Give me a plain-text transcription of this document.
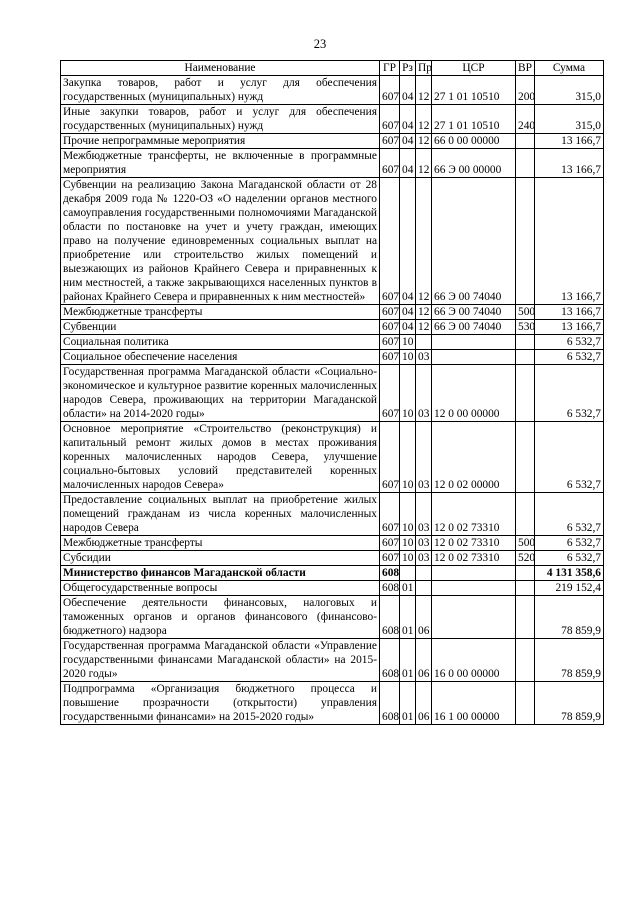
23
Наименование	ГР	Рз	Пр	ЦСР	ВР	Сумма
Закупка товаров, работ и услуг для обеспечения государственных (муниципальных) нужд	607	04	12	27 1 01 10510	200	315,0
Иные закупки товаров, работ и услуг для обеспечения государственных (муниципальных) нужд	607	04	12	27 1 01 10510	240	315,0
Прочие непрограммные мероприятия	607	04	12	66 0 00 00000		13 166,7
Межбюджетные трансферты, не включенные в программные мероприятия	607	04	12	66 Э 00 00000		13 166,7
Субвенции на реализацию Закона Магаданской области от 28 декабря 2009 года № 1220-ОЗ «О наделении органов местного самоуправления государственными полномочиями Магаданской области по постановке на учет и учету граждан, имеющих право на получение единовременных социальных выплат на приобретение или строительство жилых помещений и выезжающих из районов Крайнего Севера и приравненных к ним местностей, а также закрывающихся населенных пунктов в районах Крайнего Севера и приравненных к ним местностей»	607	04	12	66 Э 00 74040		13 166,7
Межбюджетные трансферты	607	04	12	66 Э 00 74040	500	13 166,7
Субвенции	607	04	12	66 Э 00 74040	530	13 166,7
Социальная политика	607	10				6 532,7
Социальное обеспечение населения	607	10	03			6 532,7
Государственная программа Магаданской области «Социально-экономическое и культурное развитие коренных малочисленных народов Севера, проживающих на территории Магаданской области» на 2014-2020 годы»	607	10	03	12 0 00 00000		6 532,7
Основное мероприятие «Строительство (реконструкция) и капитальный ремонт жилых домов в местах проживания коренных малочисленных народов Севера, улучшение социально-бытовых условий представителей коренных малочисленных народов Севера»	607	10	03	12 0 02 00000		6 532,7
Предоставление социальных выплат на приобретение жилых помещений гражданам из числа коренных малочисленных народов Севера	607	10	03	12 0 02 73310		6 532,7
Межбюджетные трансферты	607	10	03	12 0 02 73310	500	6 532,7
Субсидии	607	10	03	12 0 02 73310	520	6 532,7
Министерство финансов Магаданской области	608					4 131 358,6
Общегосударственные вопросы	608	01				219 152,4
Обеспечение деятельности финансовых, налоговых и таможенных органов и органов финансового (финансово-бюджетного) надзора	608	01	06			78 859,9
Государственная программа Магаданской области «Управление государственными финансами Магаданской области» на 2015-2020 годы»	608	01	06	16 0 00 00000		78 859,9
Подпрограмма «Организация бюджетного процесса и повышение прозрачности (открытости) управления государственными финансами» на 2015-2020 годы»	608	01	06	16 1 00 00000		78 859,9
